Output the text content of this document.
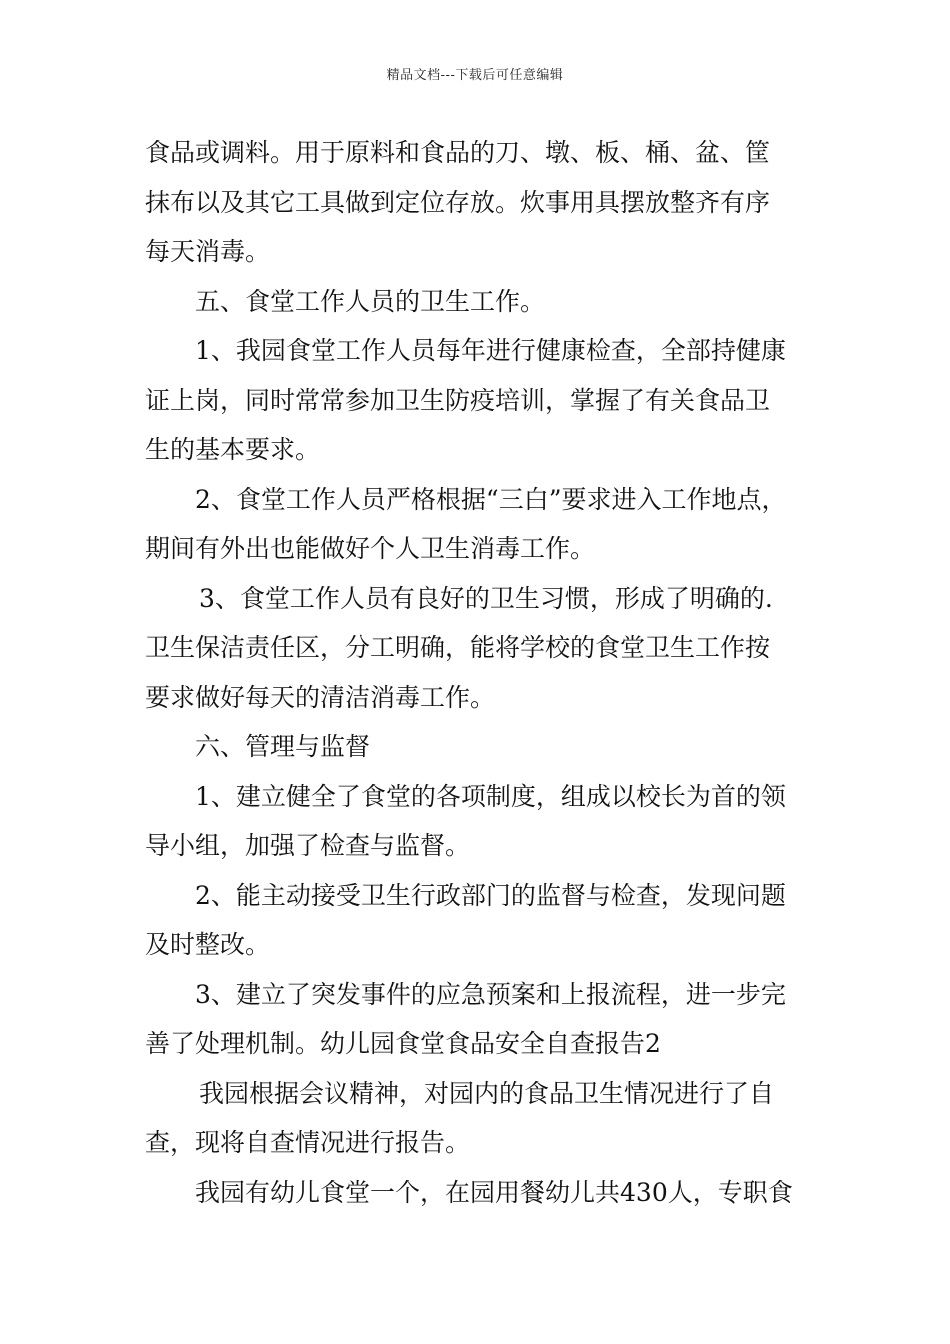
精品文档---下载后可任意编辑
食品或调料。用于原料和食品的刀、墩、板、桶、盆、筐
抹布以及其它工具做到定位存放。炊事用具摆放整齐有序
每天消毒。
五、食堂工作人员的卫生工作。
1、我园食堂工作人员每年进行健康检查，全部持健康
证上岗，同时常常参加卫生防疫培训，掌握了有关食品卫
生的基本要求。
2、食堂工作人员严格根据“三白”要求进入工作地点，
期间有外出也能做好个人卫生消毒工作。
3、食堂工作人员有良好的卫生习惯，形成了明确的.
卫生保洁责任区，分工明确，能将学校的食堂卫生工作按
要求做好每天的清洁消毒工作。
六、管理与监督
1、建立健全了食堂的各项制度，组成以校长为首的领
导小组，加强了检查与监督。
2、能主动接受卫生行政部门的监督与检查，发现问题
及时整改。
3、建立了突发事件的应急预案和上报流程，进一步完
善了处理机制。幼儿园食堂食品安全自查报告2
我园根据会议精神，对园内的食品卫生情况进行了自
查，现将自查情况进行报告。
我园有幼儿食堂一个，在园用餐幼儿共430人，专职食
